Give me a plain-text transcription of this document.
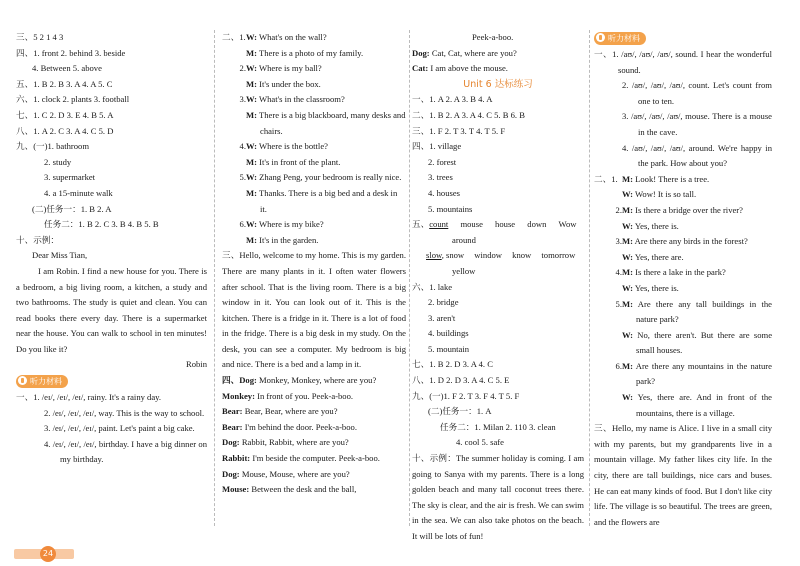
三、5 2 1 4 3
四、1. front 2. behind 3. beside
4. Between 5. above
五、1. B 2. B 3. A 4. A 5. C
六、1. clock 2. plants 3. football
七、1. C 2. D 3. E 4. B 5. A
八、1. A 2. C 3. A 4. C 5. D
九、(一)1. bathroom
2. study
3. supermarket
4. a 15-minute walk
(二)任务一：1. B 2. A
任务二：1. B 2. C 3. B 4. B 5. B
十、示例：
Dear Miss Tian,
I am Robin. I find a new house for you. There is a bedroom, a big living room, a kitchen, a study and two bathrooms. The study is quiet and clean. You can read books there every day. There is a supermarket near the house. You can walk to school in ten minutes! Do you like it?
Robin
听力材料
一、1. /eɪ/, /eɪ/, /eɪ/, rainy. It's a rainy day.
2. /eɪ/, /eɪ/, /eɪ/, way. This is the way to school.
3. /eɪ/, /eɪ/, /eɪ/, paint. Let's paint a big cake.
4. /eɪ/, /eɪ/, /eɪ/, birthday. I have a big dinner on my birthday.
二、1.W: What's on the wall?
M: There is a photo of my family.
2.W: Where is my ball?
M: It's under the box.
3.W: What's in the classroom?
M: There is a big blackboard, many desks and chairs.
4.W: Where is the bottle?
M: It's in front of the plant.
5.W: Zhang Peng, your bedroom is really nice.
M: Thanks. There is a big bed and a desk in it.
6.W: Where is my bike?
M: It's in the garden.
三、Hello, welcome to my home. This is my garden. There are many plants in it. I often water flowers after school. That is the living room. There is a big window in it. You can look out of it. This is the kitchen. There is a fridge in it. There is a lot of food in the fridge. There is a big desk in my study. On the desk, you can see a computer. My bedroom is big and nice. There is a bed and a lamp in it.
四、Dog: Monkey, Monkey, where are you?
Monkey: In front of you. Peek-a-boo.
Bear: Bear, Bear, where are you?
Bear: I'm behind the door. Peek-a-boo.
Dog: Rabbit, Rabbit, where are you?
Rabbit: I'm beside the computer. Peek-a-boo.
Dog: Mouse, Mouse, where are you?
Mouse: Between the desk and the ball,
Peek-a-boo.
Dog: Cat, Cat, where are you?
Cat: I am above the mouse.
Unit 6 达标练习
一、1. A 2. A 3. B 4. A
二、1. B 2. A 3. A 4. C 5. B 6. B
三、1. F 2. T 3. T 4. T 5. F
四、1. village
2. forest
3. trees
4. houses
5. mountains
五、count mouse house down Wow
around
slow, snow window know tomorrow
yellow
六、1. lake
2. bridge
3. aren't
4. buildings
5. mountain
七、1. B 2. D 3. A 4. C
八、1. D 2. D 3. A 4. C 5. E
九、(一)1. F 2. T 3. F 4. T 5. F
(二)任务一：1. A
任务二：1. Milan 2. 110 3. clean
4. cool 5. safe
十、示例：The summer holiday is coming. I am going to Sanya with my parents. There is a long golden beach and many tall coconut trees there. The sky is clear, and the air is fresh. We can swim in the sea. We can also take photos on the beach. It will be lots of fun!
听力材料
一、1. /aʊ/, /aʊ/, /aʊ/, sound. I hear the wonderful sound.
2. /aʊ/, /aʊ/, /aʊ/, count. Let's count from one to ten.
3. /aʊ/, /aʊ/, /aʊ/, mouse. There is a mouse in the cave.
4. /aʊ/, /aʊ/, /aʊ/, around. We're happy in the park. How about you?
二、1. M: Look! There is a tree.
W: Wow! It is so tall.
2.M: Is there a bridge over the river?
W: Yes, there is.
3.M: Are there any birds in the forest?
W: Yes, there are.
4.M: Is there a lake in the park?
W: Yes, there is.
5.M: Are there any tall buildings in the nature park?
W: No, there aren't. But there are some small houses.
6.M: Are there any mountains in the nature park?
W: Yes, there are. And in front of the mountains, there is a village.
三、Hello, my name is Alice. I live in a small city with my parents, but my grandparents live in a mountain village. My father likes city life. In the city, there are tall buildings, nice cars and buses. He can eat many kinds of food. But I don't like city life. The village is so beautiful. The trees are green, and the flowers are
24
